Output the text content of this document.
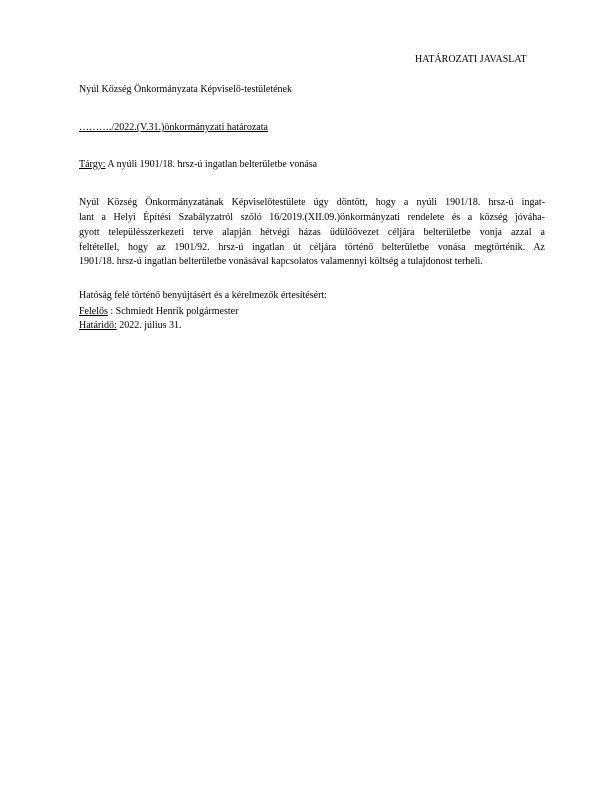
HATÁROZATI JAVASLAT
Nyúl Község Önkormányzata Képviselő-testületének
………./2022.(V.31.)önkormányzati határozata
Tárgy: A nyúli 1901/18. hrsz-ú ingatlan belterületbe vonása
Nyúl Község Önkormányzatának Képviselőtestülete úgy döntött, hogy a nyúli 1901/18. hrsz-ú ingat-
lant a Helyi Építési Szabályzatról szóló 16/2019.(XII.09.)önkormányzati rendelete és a község jóváha-
gyott településszerkezeti terve alapján hétvégi házas üdülőövezet céljára belterületbe vonja azzal a
feltétellel, hogy az 1901/92. hrsz-ú ingatlan út céljára történő belterületbe vonása megtörténik. Az
1901/18. hrsz-ú ingatlan belterületbe vonásával kapcsolatos valamennyi költség a tulajdonost terheli.
Hatóság felé történő benyújtásért és a kérelmezők értesítésért:
Felelős : Schmiedt Henrik polgármester
Határidő: 2022. július 31.
